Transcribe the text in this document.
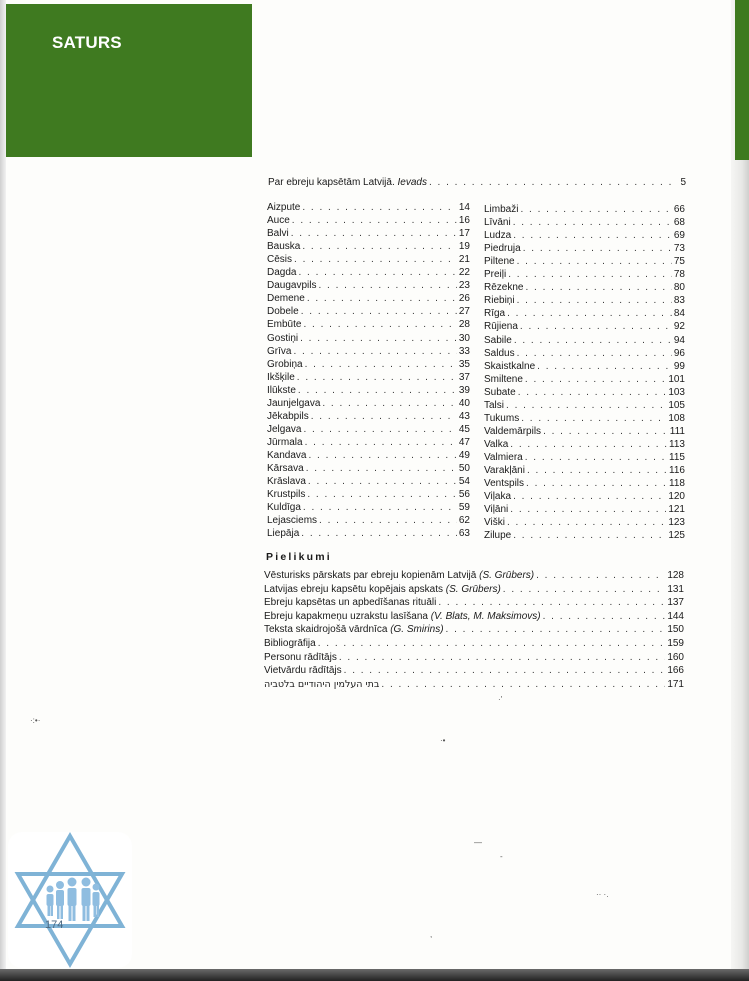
SATURS
Par ebreju kapsētām Latvijā. Ievads . . .	5
Aizpute . . .	14
Auce . . .	16
Balvi . . .	17
Bauska . . .	19
Cēsis . . .	21
Dagda . . .	22
Daugavpils . . .	23
Demene . . .	26
Dobele . . .	27
Embūte . . .	28
Gostiņi . . .	30
Grīva . . .	33
Grobiņa . . .	35
Ikšķile . . .	37
Ilūkste . . .	39
Jaunjelgava . . .	40
Jēkabpils . . .	43
Jelgava . . .	45
Jūrmala . . .	47
Kandava . . .	49
Kārsava . . .	50
Krāslava . . .	54
Krustpils . . .	56
Kuldīga . . .	59
Lejasciems . . .	62
Liepāja . . .	63
Limbaži . . .	66
Līvāni . . .	68
Ludza . . .	69
Piedruja . . .	73
Piltene . . .	75
Preiļi . . .	78
Rēzekne . . .	80
Riebiņi . . .	83
Rīga . . .	84
Rūjiena . . .	92
Sabile . . .	94
Saldus . . .	96
Skaistkalne . . .	99
Smiltene . . .	101
Subate . . .	103
Talsi . . .	105
Tukums . . .	108
Valdemārpils . . .	111
Valka . . .	113
Valmiera . . .	115
Varakļāni . . .	116
Ventspils . . .	118
Viļaka . . .	120
Viļāni . . .	121
Viški . . .	123
Zilupe . . .	125
Pielikumi
Vēsturisks pārskats par ebreju kopienām Latvijā (S. Grūbers) . . .	128
Latvijas ebreju kapsētu kopējais apskats (S. Grūbers) . . .	131
Ebreju kapsētas un apbedīšanas rituāli . . .	137
Ebreju kapakmeņu uzrakstu lasīšana (V. Blats, M. Maksimovs) . . .	144
Teksta skaidrojošā vārdnīca (G. Smirins) . . .	150
Bibliogrāfija . . .	159
Personu rādītājs . . .	160
Vietvārdu rādītājs . . .	166
בתי העלמין היהודיים בלטביה . . .	171
·:•·
·•
·'
—
-
·· ·.
,
174
